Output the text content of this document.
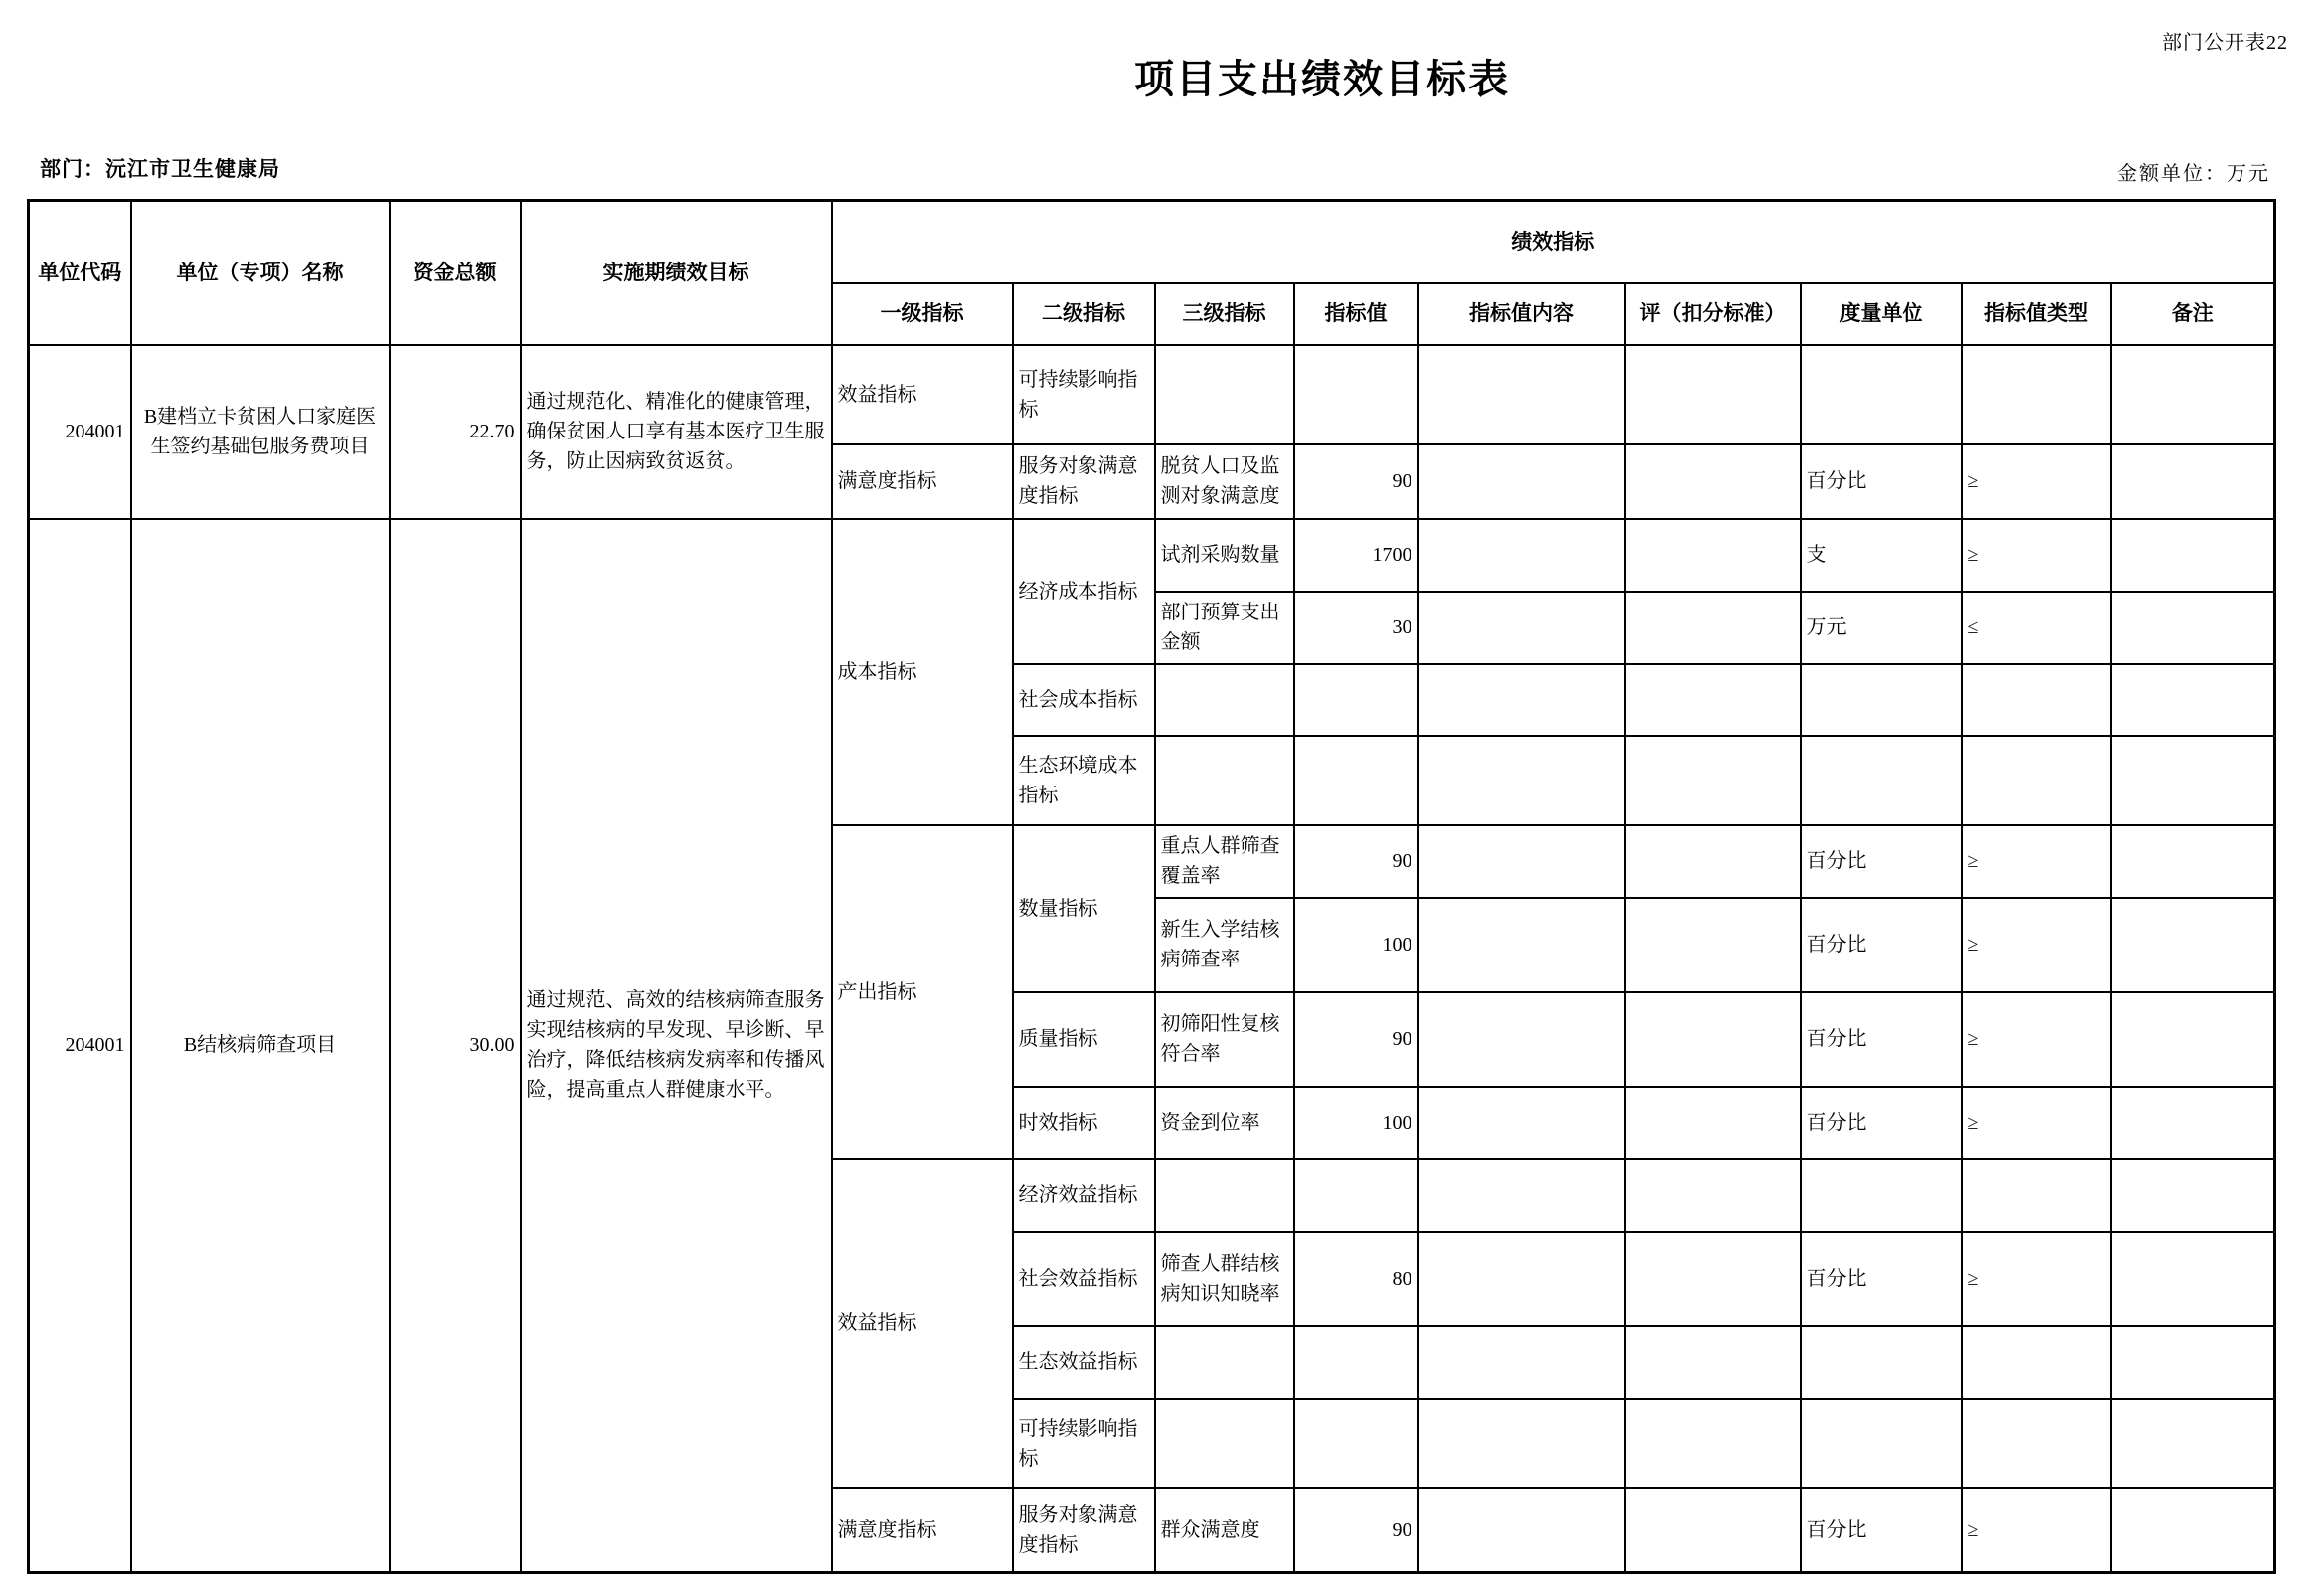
部门公开表22
项目支出绩效目标表
部门：沅江市卫生健康局	金额单位：万元
单位代码	单位（专项）名称	资金总额	实施期绩效目标	绩效指标								
				一级指标	二级指标	三级指标	指标值	指标值内容	评（扣分标准）	度量单位	指标值类型	备注
204001	B建档立卡贫困人口家庭医生签约基础包服务费项目	22.70	通过规范化、精准化的健康管理，确保贫困人口享有基本医疗卫生服务，防止因病致贫返贫。	效益指标	可持续影响指标							
				满意度指标	服务对象满意度指标	脱贫人口及监测对象满意度	90			百分比	≥	
204001	B结核病筛查项目	30.00	通过规范、高效的结核病筛查服务实现结核病的早发现、早诊断、早治疗，降低结核病发病率和传播风险，提高重点人群健康水平。	成本指标	经济成本指标	试剂采购数量	1700			支	≥	
						部门预算支出金额	30			万元	≤	
					社会成本指标							
					生态环境成本指标							
				产出指标	数量指标	重点人群筛查覆盖率	90			百分比	≥	
						新生入学结核病筛查率	100			百分比	≥	
					质量指标	初筛阳性复核符合率	90			百分比	≥	
					时效指标	资金到位率	100			百分比	≥	
				效益指标	经济效益指标							
					社会效益指标	筛查人群结核病知识知晓率	80			百分比	≥	
					生态效益指标							
					可持续影响指标							
				满意度指标	服务对象满意度指标	群众满意度	90			百分比	≥	
